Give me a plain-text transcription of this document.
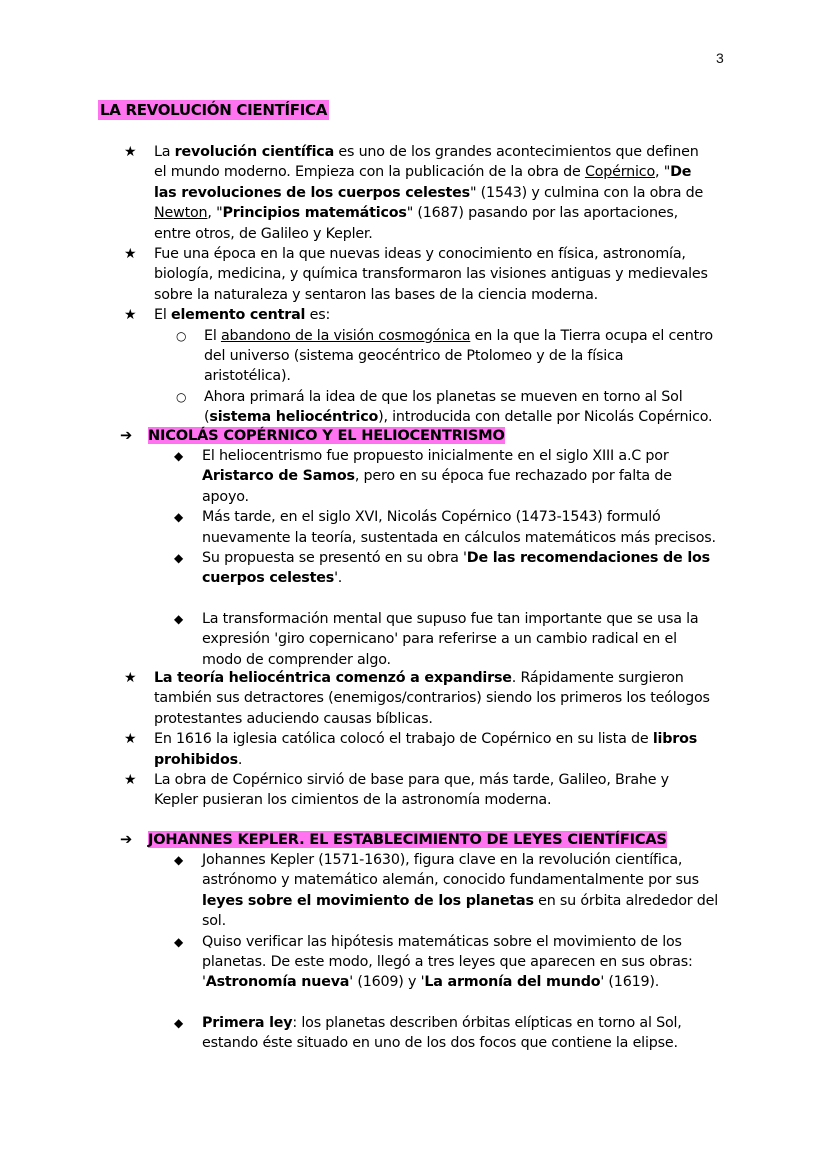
3
LA REVOLUCIÓN CIENTÍFICA
★ La revolución científica es uno de los grandes acontecimientos que definen el mundo moderno. Empieza con la publicación de la obra de Copérnico, "De las revoluciones de los cuerpos celestes" (1543) y culmina con la obra de Newton, "Principios matemáticos" (1687) pasando por las aportaciones, entre otros, de Galileo y Kepler.
★ Fue una época en la que nuevas ideas y conocimiento en física, astronomía, biología, medicina, y química transformaron las visiones antiguas y medievales sobre la naturaleza y sentaron las bases de la ciencia moderna.
★ El elemento central es:
○ El abandono de la visión cosmogónica en la que la Tierra ocupa el centro del universo (sistema geocéntrico de Ptolomeo y de la física aristotélica).
○ Ahora primará la idea de que los planetas se mueven en torno al Sol (sistema heliocéntrico), introducida con detalle por Nicolás Copérnico.
➔ NICOLÁS COPÉRNICO Y EL HELIOCENTRISMO
◆ El heliocentrismo fue propuesto inicialmente en el siglo XIII a.C por Aristarco de Samos, pero en su época fue rechazado por falta de apoyo.
◆ Más tarde, en el siglo XVI, Nicolás Copérnico (1473-1543) formuló nuevamente la teoría, sustentada en cálculos matemáticos más precisos.
◆ Su propuesta se presentó en su obra 'De las recomendaciones de los cuerpos celestes'.
◆ La transformación mental que supuso fue tan importante que se usa la expresión 'giro copernicano' para referirse a un cambio radical en el modo de comprender algo.
★ La teoría heliocéntrica comenzó a expandirse. Rápidamente surgieron también sus detractores (enemigos/contrarios) siendo los primeros los teólogos protestantes aduciendo causas bíblicas.
★ En 1616 la iglesia católica colocó el trabajo de Copérnico en su lista de libros prohibidos.
★ La obra de Copérnico sirvió de base para que, más tarde, Galileo, Brahe y Kepler pusieran los cimientos de la astronomía moderna.
➔ JOHANNES KEPLER. EL ESTABLECIMIENTO DE LEYES CIENTÍFICAS
◆ Johannes Kepler (1571-1630), figura clave en la revolución científica, astrónomo y matemático alemán, conocido fundamentalmente por sus leyes sobre el movimiento de los planetas en su órbita alrededor del sol.
◆ Quiso verificar las hipótesis matemáticas sobre el movimiento de los planetas. De este modo, llegó a tres leyes que aparecen en sus obras: 'Astronomía nueva' (1609) y 'La armonía del mundo' (1619).
◆ Primera ley: los planetas describen órbitas elípticas en torno al Sol, estando éste situado en uno de los dos focos que contiene la elipse.
